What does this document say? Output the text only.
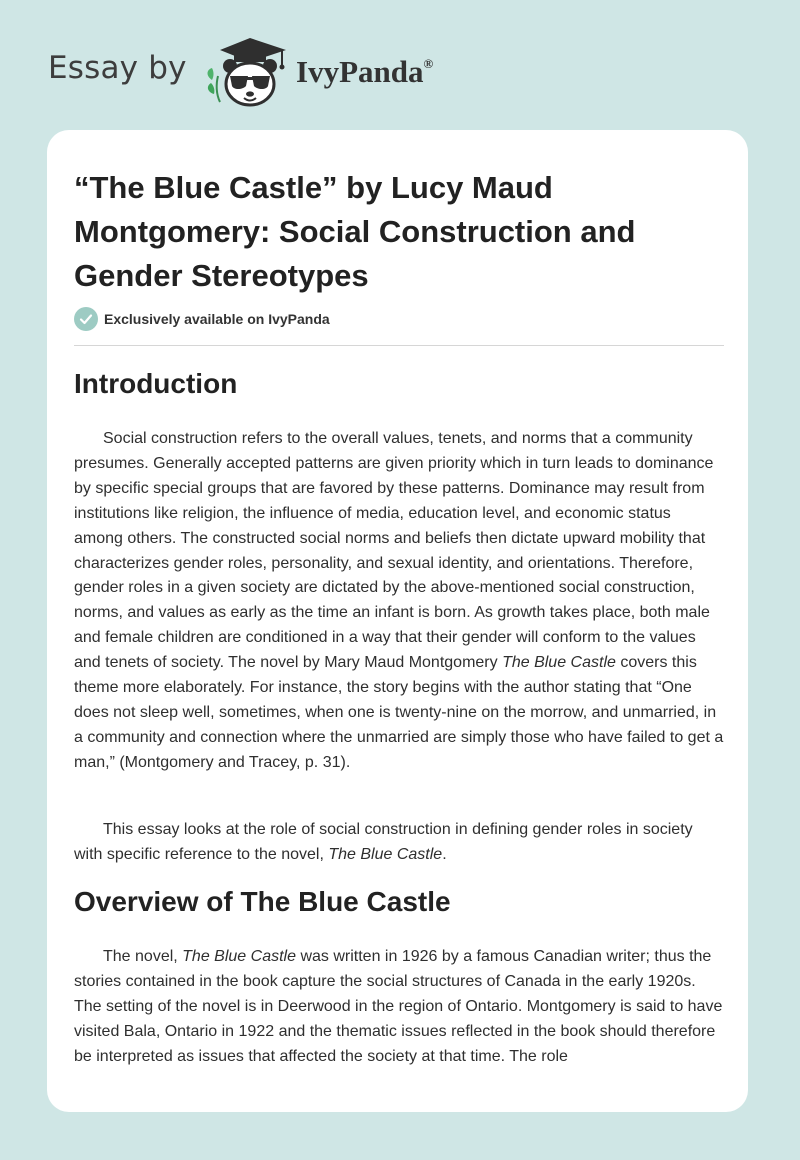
Essay by	IvyPanda®
“The Blue Castle” by Lucy Maud Montgomery: Social Construction and Gender Stereotypes
Exclusively available on IvyPanda
Introduction

Social construction refers to the overall values, tenets, and norms that a community presumes. Generally accepted patterns are given priority which in turn leads to dominance by specific special groups that are favored by these patterns. Dominance may result from institutions like religion, the influence of media, education level, and economic status among others. The constructed social norms and beliefs then dictate upward mobility that characterizes gender roles, personality, and sexual identity, and orientations. Therefore, gender roles in a given society are dictated by the above-mentioned social construction, norms, and values as early as the time an infant is born. As growth takes place, both male and female children are conditioned in a way that their gender will conform to the values and tenets of society. The novel by Mary Maud Montgomery The Blue Castle covers this theme more elaborately. For instance, the story begins with the author stating that “One does not sleep well, sometimes, when one is twenty-nine on the morrow, and unmarried, in a community and connection where the unmarried are simply those who have failed to get a man,” (Montgomery and Tracey, p. 31).

This essay looks at the role of social construction in defining gender roles in society with specific reference to the novel, The Blue Castle.

Overview of The Blue Castle

The novel, The Blue Castle was written in 1926 by a famous Canadian writer; thus the stories contained in the book capture the social structures of Canada in the early 1920s. The setting of the novel is in Deerwood in the region of Ontario. Montgomery is said to have visited Bala, Ontario in 1922 and the thematic issues reflected in the book should therefore be interpreted as issues that affected the society at that time. The role
